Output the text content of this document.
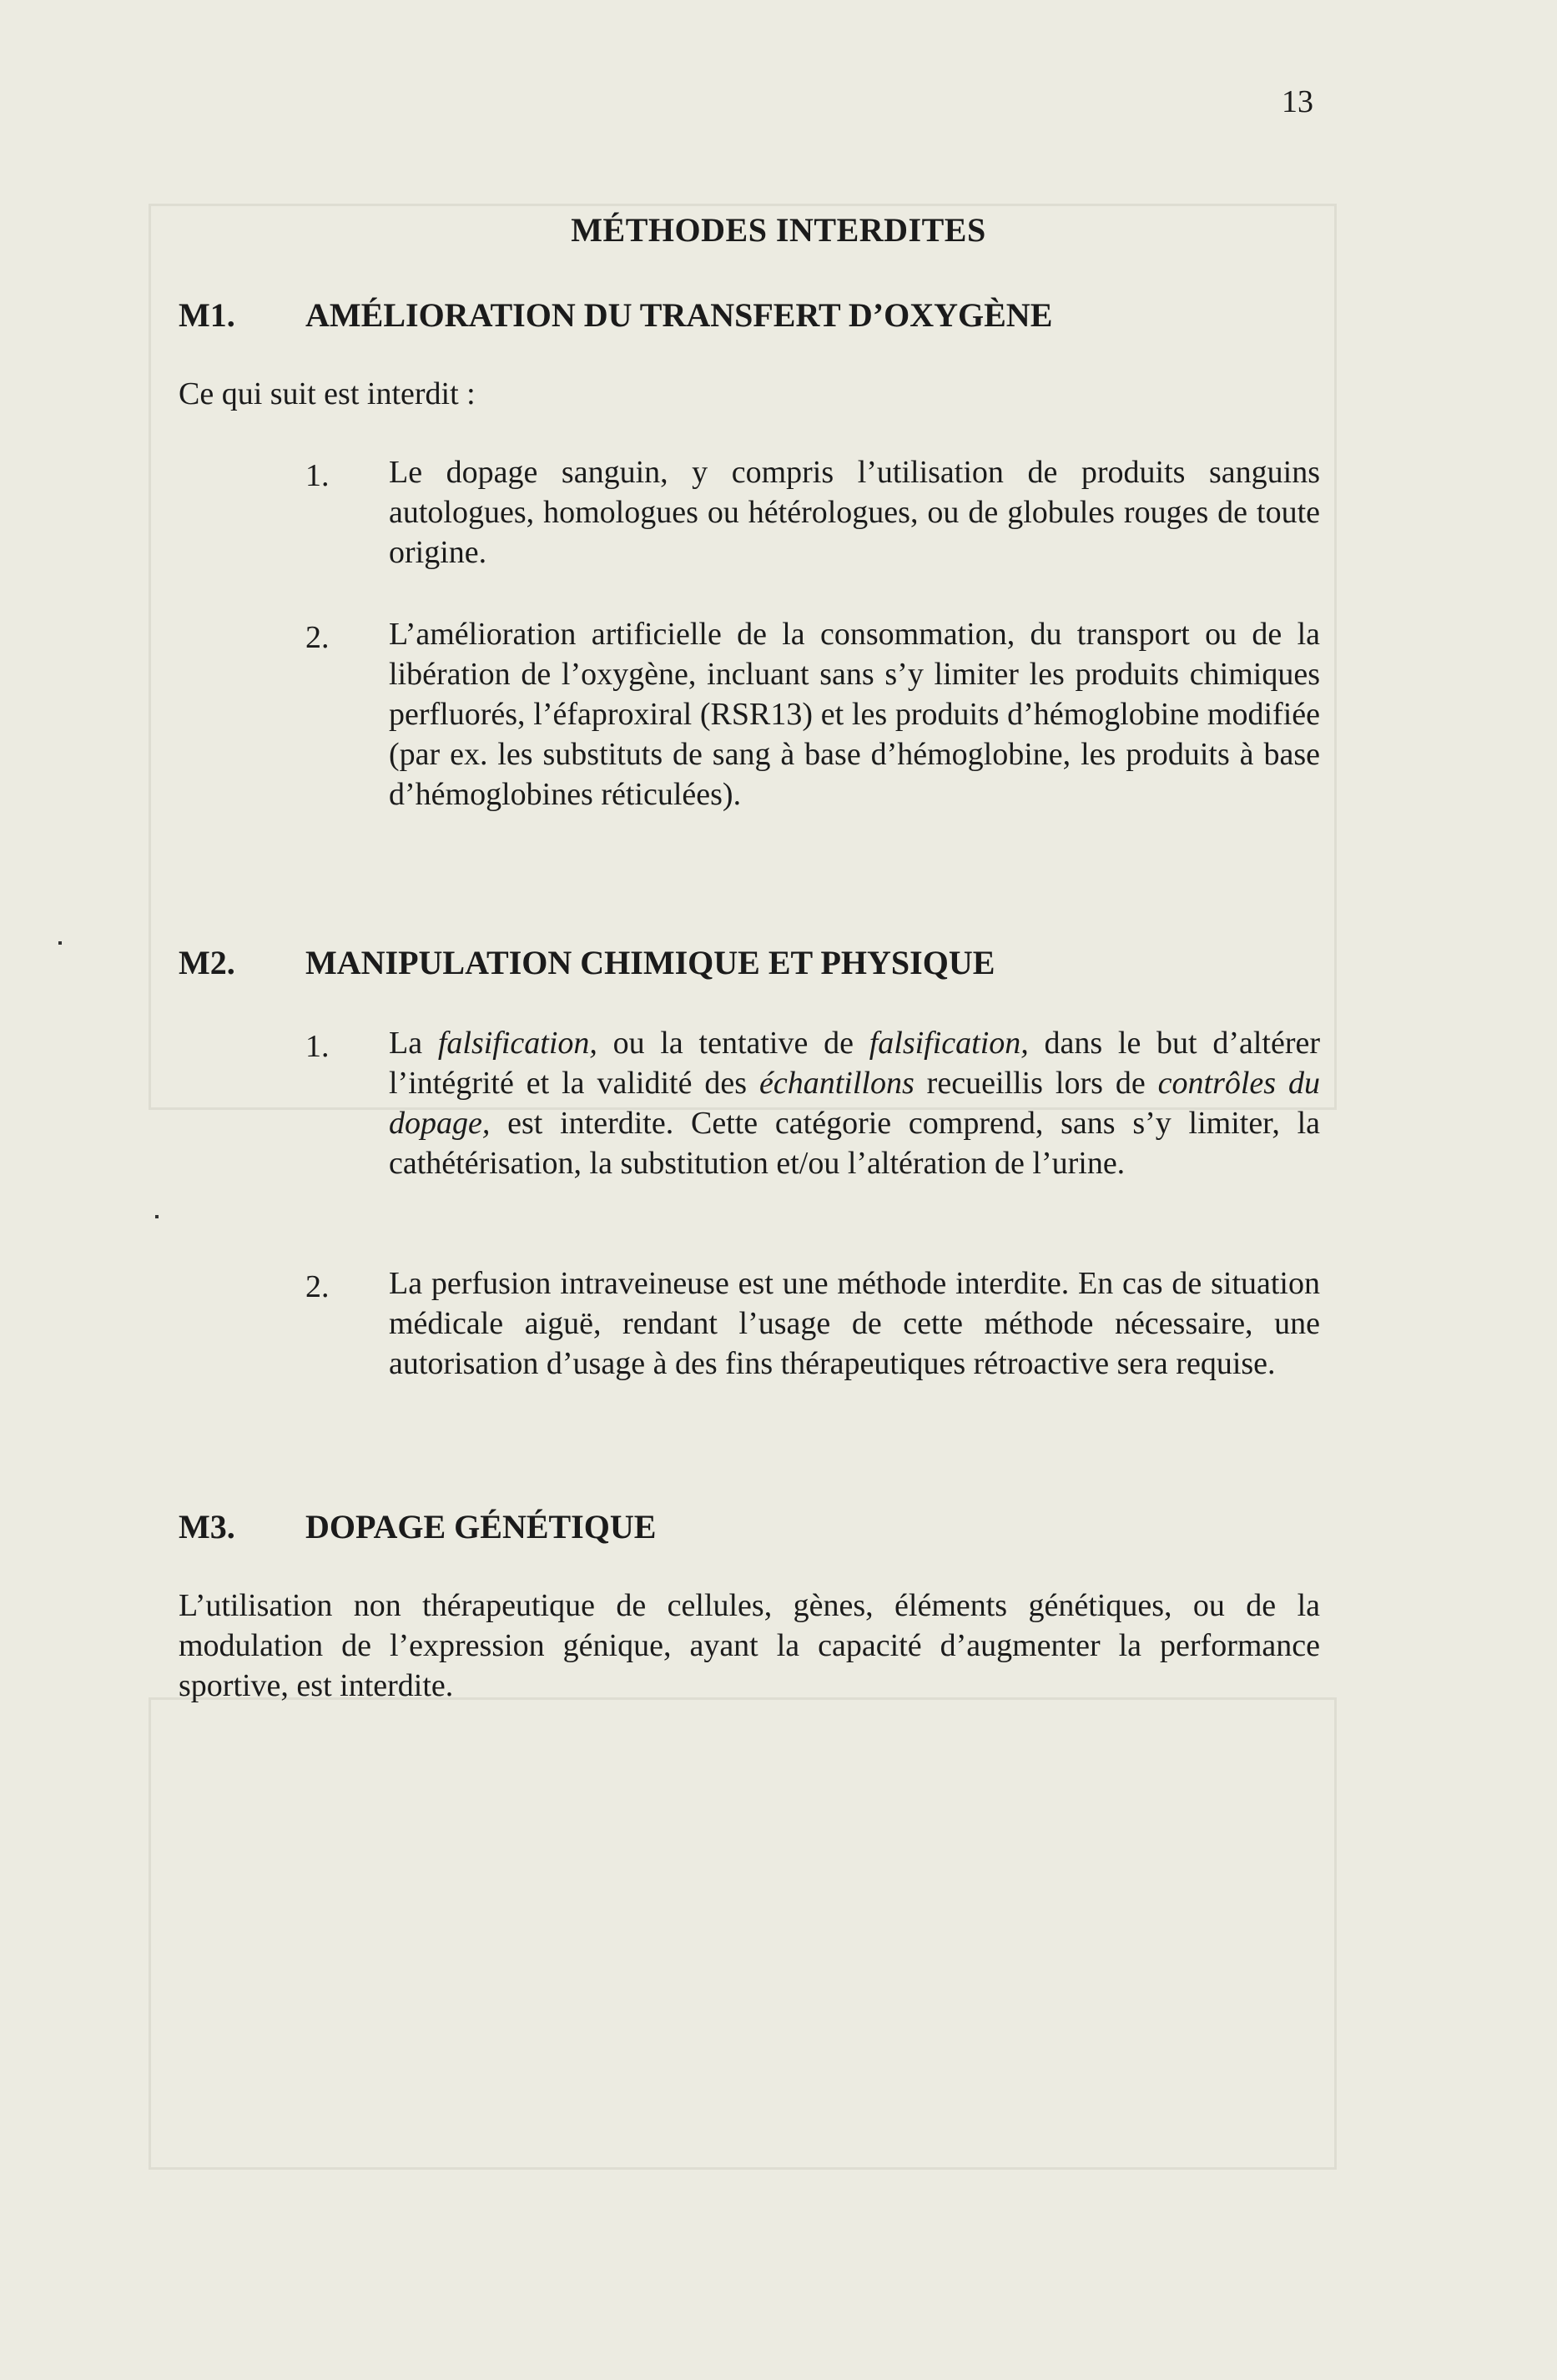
13
MÉTHODES INTERDITES
M1. AMÉLIORATION DU TRANSFERT D’OXYGÈNE
Ce qui suit est interdit :
1. Le dopage sanguin, y compris l’utilisation de produits sanguins autologues, homologues ou hétérologues, ou de globules rouges de toute origine.
2. L’amélioration artificielle de la consommation, du transport ou de la libération de l’oxygène, incluant sans s’y limiter les produits chimiques perfluorés, l’éfaproxiral (RSR13) et les produits d’hémoglobine modifiée (par ex. les substituts de sang à base d’hémoglobine, les produits à base d’hémoglobines réticulées).
M2. MANIPULATION CHIMIQUE ET PHYSIQUE
1. La falsification, ou la tentative de falsification, dans le but d’altérer l’intégrité et la validité des échantillons recueillis lors de contrôles du dopage, est interdite. Cette catégorie comprend, sans s’y limiter, la cathétérisation, la substitution et/ou l’altération de l’urine.
2. La perfusion intraveineuse est une méthode interdite. En cas de situation médicale aiguë, rendant l’usage de cette méthode nécessaire, une autorisation d’usage à des fins thérapeutiques rétroactive sera requise.
M3. DOPAGE GÉNÉTIQUE
L’utilisation non thérapeutique de cellules, gènes, éléments génétiques, ou de la modulation de l’expression génique, ayant la capacité d’augmenter la performance sportive, est interdite.
